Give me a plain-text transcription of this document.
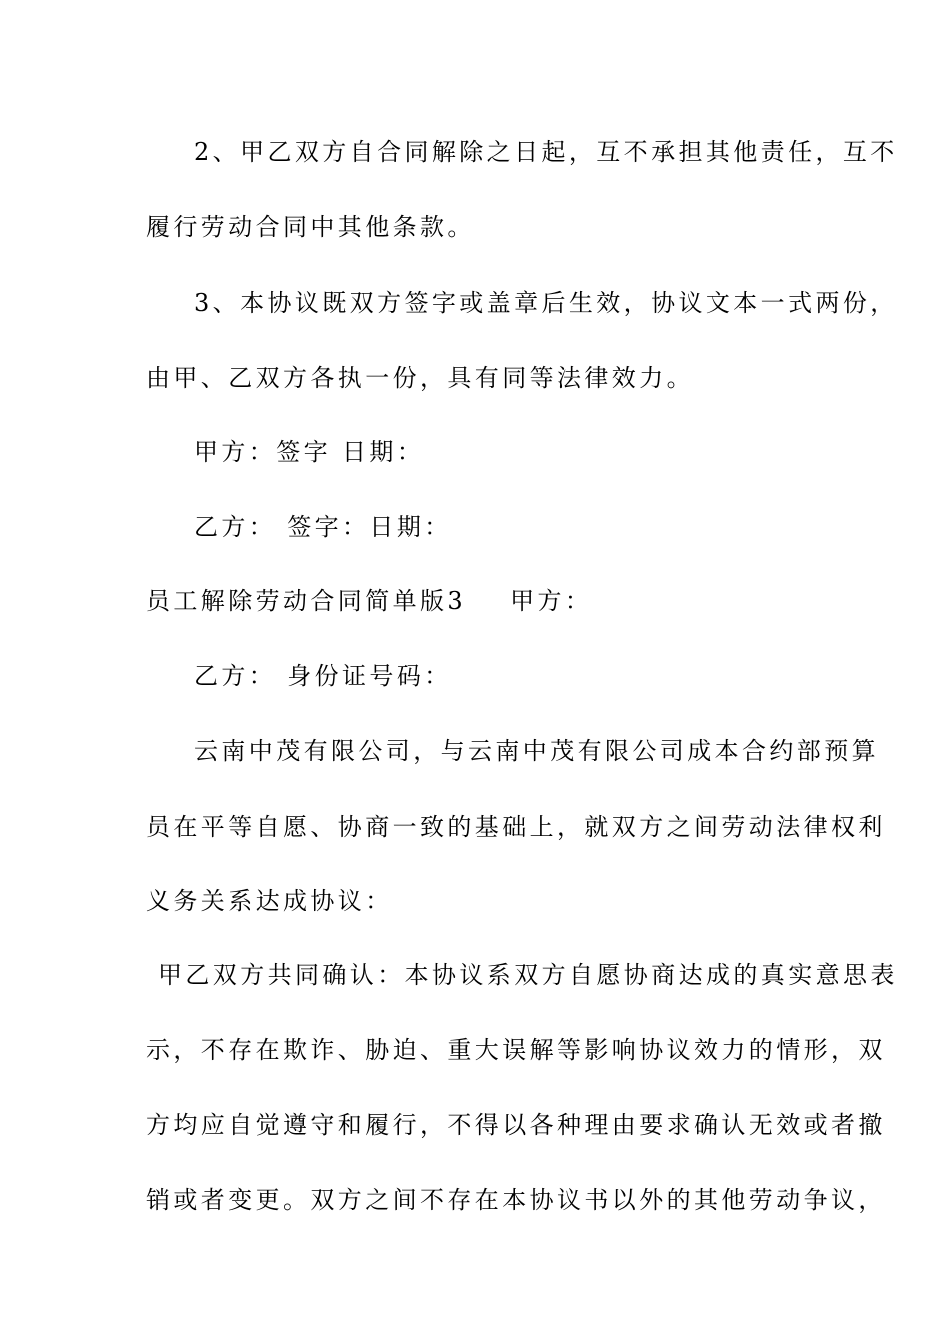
2、甲乙双方自合同解除之日起，互不承担其他责任，互不
履行劳动合同中其他条款。
3、本协议既双方签字或盖章后生效，协议文本一式两份，
由甲、乙双方各执一份，具有同等法律效力。
甲方：签字 日期：
乙方： 签字：日期：
员工解除劳动合同简单版3 甲方：
乙方： 身份证号码：
云南中茂有限公司，与云南中茂有限公司成本合约部预算
员在平等自愿、协商一致的基础上，就双方之间劳动法律权利
义务关系达成协议：
甲乙双方共同确认：本协议系双方自愿协商达成的真实意思表
示，不存在欺诈、胁迫、重大误解等影响协议效力的情形，双
方均应自觉遵守和履行，不得以各种理由要求确认无效或者撤
销或者变更。双方之间不存在本协议书以外的其他劳动争议，
